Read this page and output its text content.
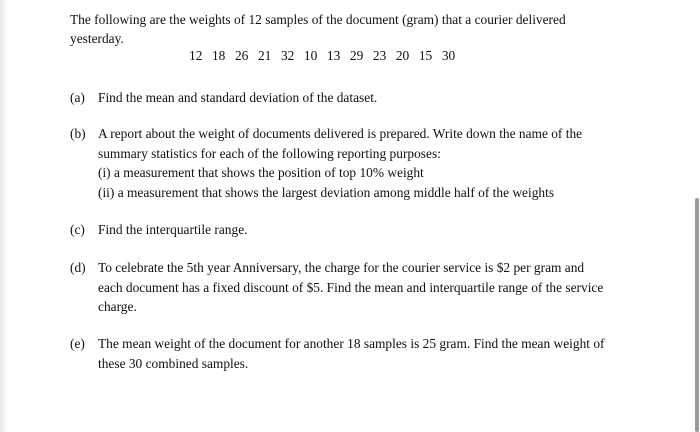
The following are the weights of 12 samples of the document (gram) that a courier delivered
yesterday.
12 18 26 21 32 10 13 29 23 20 15 30
(a) Find the mean and standard deviation of the dataset.
(b) A report about the weight of documents delivered is prepared. Write down the name of the
summary statistics for each of the following reporting purposes:
(i) a measurement that shows the position of top 10% weight
(ii) a measurement that shows the largest deviation among middle half of the weights
(c) Find the interquartile range.
(d) To celebrate the 5th year Anniversary, the charge for the courier service is $2 per gram and
each document has a fixed discount of $5. Find the mean and interquartile range of the service
charge.
(e) The mean weight of the document for another 18 samples is 25 gram. Find the mean weight of
these 30 combined samples.
